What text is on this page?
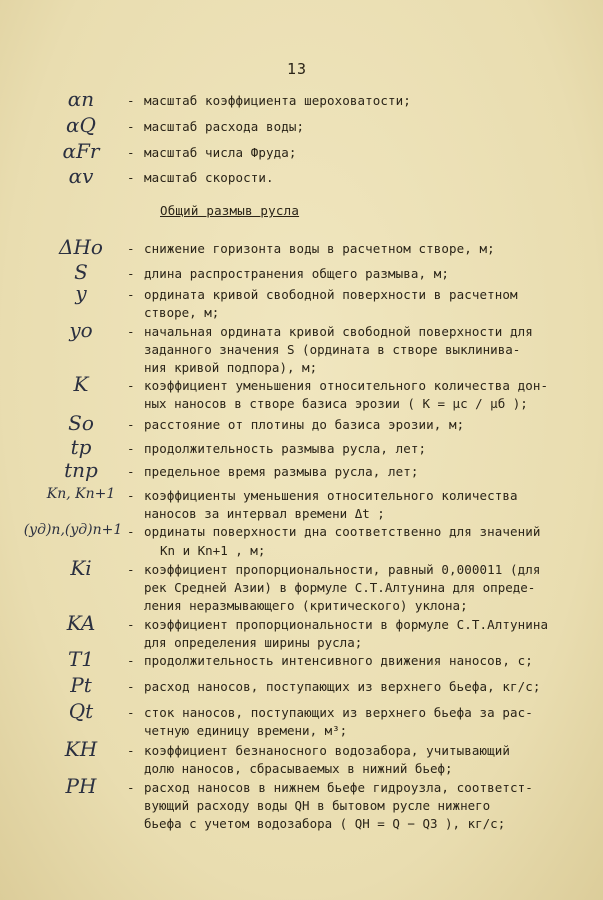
13
αn	- масштаб коэффициента шероховатости;
αQ	- масштаб расхода воды;
αFr	- масштаб числа Фруда;
αv	- масштаб скорости.
Общий размыв русла
ΔHo	- снижение горизонта воды в расчетном створе, м;
S	- длина распространения общего размыва, м;
y	- ордината кривой свободной поверхности в расчетном
створе, м;
yo	- начальная ордината кривой свободной поверхности для
заданного значения S (ордината в створе выклинива-
ния кривой подпора), м;
K	- коэффициент уменьшения относительного количества дон-
ных наносов в створе базиса эрозии ( K = μc / μб );
So	- расстояние от плотины до базиса эрозии, м;
tp	- продолжительность размыва русла, лет;
tпр	- предельное время размыва русла, лет;
Kn, Kn+1 - коэффициенты уменьшения относительного количества
наносов за интервал времени Δt ;
(yд)n,(yд)n+1 - ординаты поверхности дна соответственно для значений
Kn и Kn+1 , м;
Ki	- коэффициент пропорциональности, равный 0,000011 (для
рек Средней Азии) в формуле С.Т.Алтунина для опреде-
ления неразмывающего (критического) уклона;
KA	- коэффициент пропорциональности в формуле С.Т.Алтунина
для определения ширины русла;
T1	- продолжительность интенсивного движения наносов, с;
Pt	- расход наносов, поступающих из верхнего бьефа, кг/с;
Qt	- сток наносов, поступающих из верхнего бьефа за рас-
четную единицу времени, м³;
KH	- коэффициент безнаносного водозабора, учитывающий
долю наносов, сбрасываемых в нижний бьеф;
PH	- расход наносов в нижнем бьефе гидроузла, соответст-
вующий расходу воды QH в бытовом русле нижнего
бьефа с учетом водозабора ( QH = Q − Q3 ), кг/с;
